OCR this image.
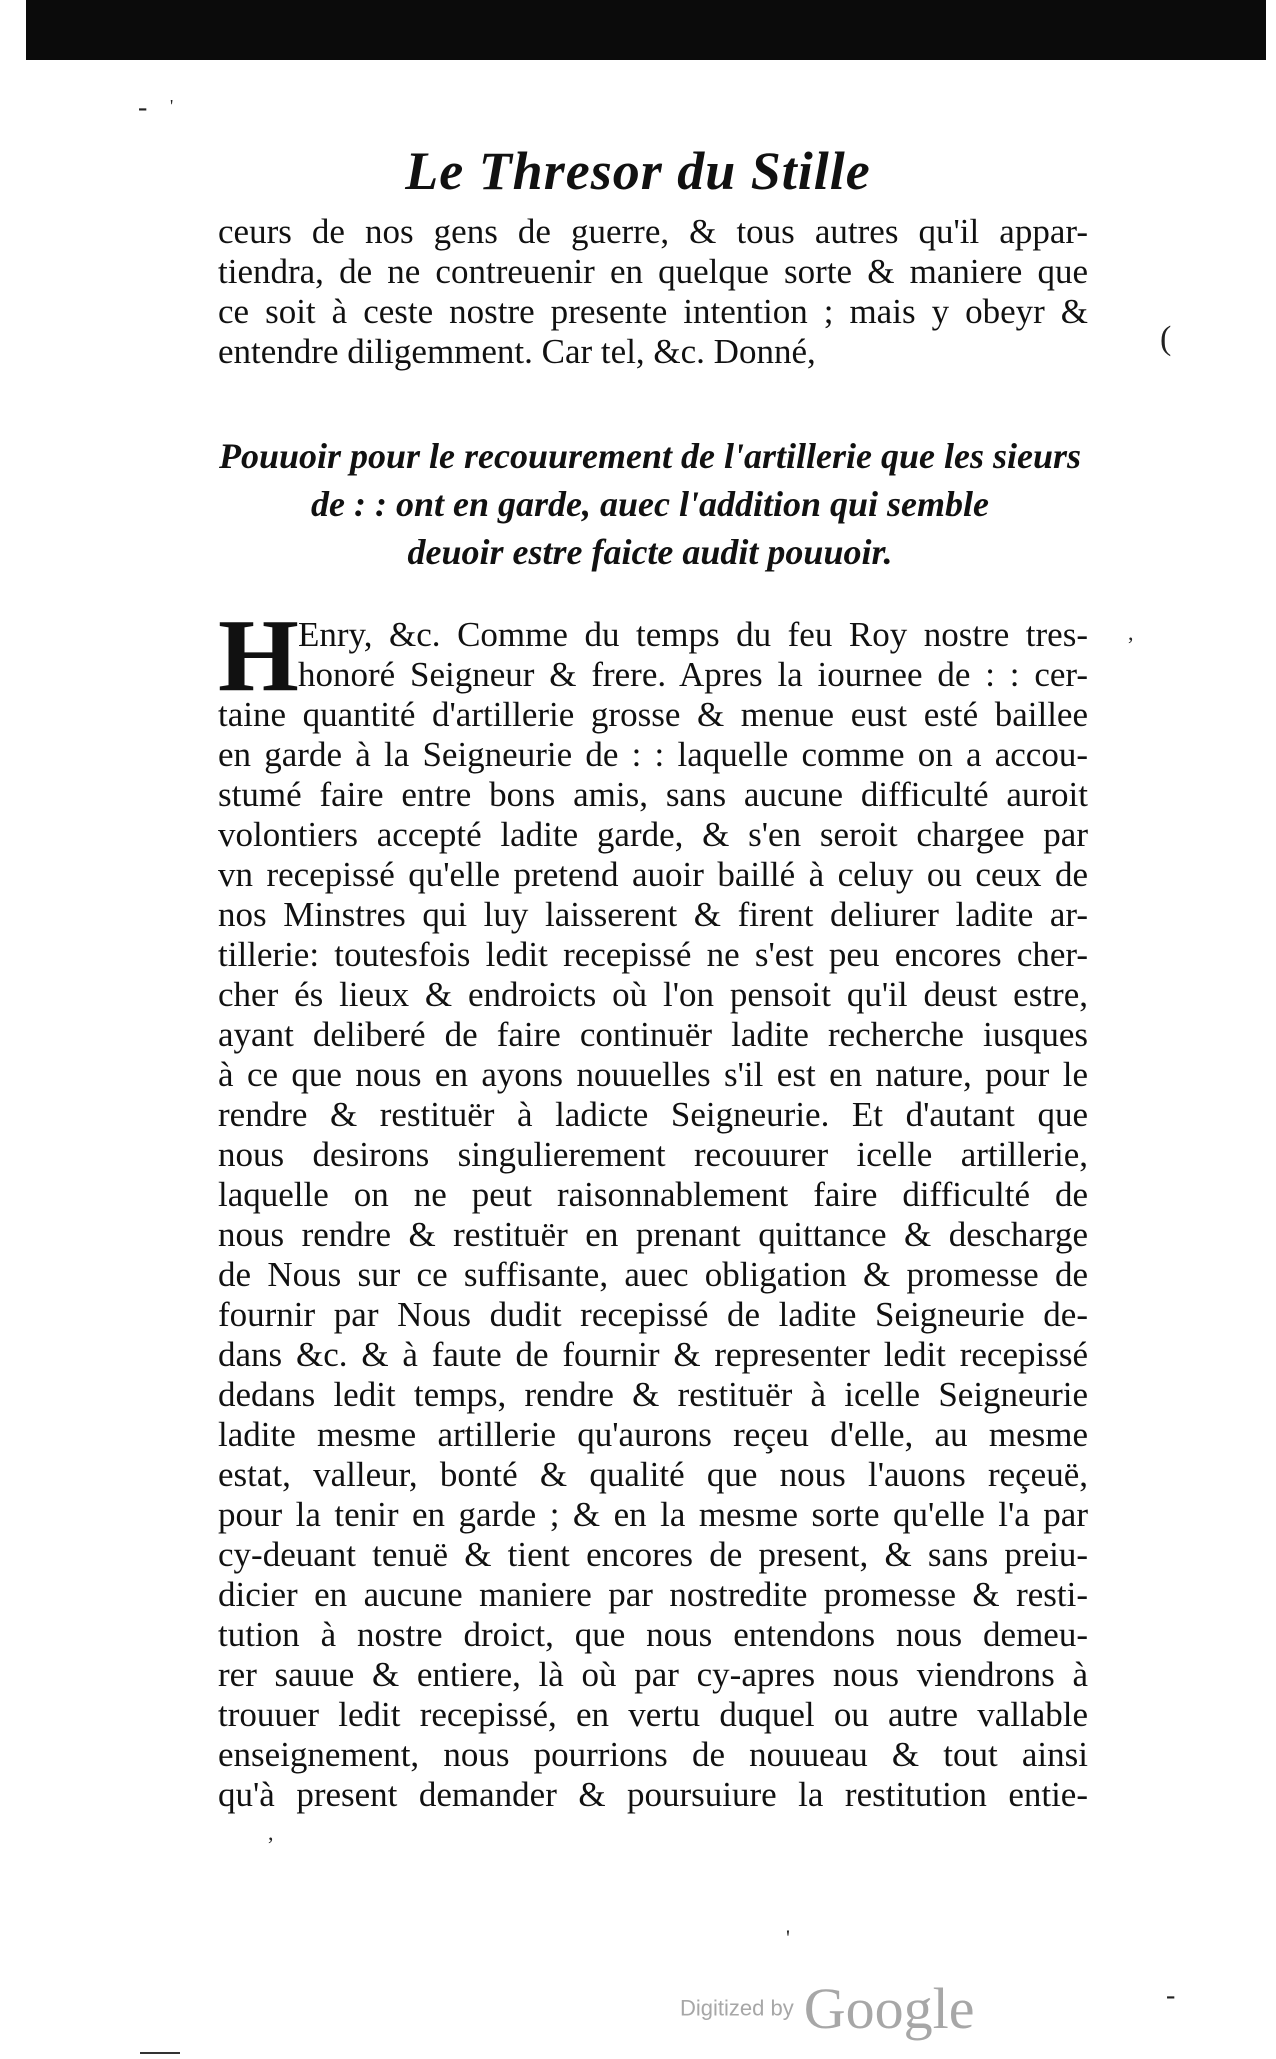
- '
(
,
,
'
-
Le Thresor du Stille
ceurs de nos gens de guerre, & tous autres qu'il appar-
tiendra, de ne contreuenir en quelque sorte & maniere que
ce soit à ceste nostre presente intention ; mais y obeyr &
entendre diligemment. Car tel, &c. Donné,
Pouuoir pour le recouurement de l'artillerie que les sieurs
de : : ont en garde, auec l'addition qui semble
deuoir estre faicte audit pouuoir.
H Enry, &c. Comme du temps du feu Roy nostre tres-
honoré Seigneur & frere. Apres la iournee de : : cer-
taine quantité d'artillerie grosse & menue eust esté baillee
en garde à la Seigneurie de : : laquelle comme on a accou-
stumé faire entre bons amis, sans aucune difficulté auroit
volontiers accepté ladite garde, & s'en seroit chargee par
vn recepissé qu'elle pretend auoir baillé à celuy ou ceux de
nos Minstres qui luy laisserent & firent deliurer ladite ar-
tillerie: toutesfois ledit recepissé ne s'est peu encores cher-
cher és lieux & endroicts où l'on pensoit qu'il deust estre,
ayant deliberé de faire continuër ladite recherche iusques
à ce que nous en ayons nouuelles s'il est en nature, pour le
rendre & restituër à ladicte Seigneurie. Et d'autant que
nous desirons singulierement recouurer icelle artillerie,
laquelle on ne peut raisonnablement faire difficulté de
nous rendre & restituër en prenant quittance & descharge
de Nous sur ce suffisante, auec obligation & promesse de
fournir par Nous dudit recepissé de ladite Seigneurie de-
dans &c. & à faute de fournir & representer ledit recepissé
dedans ledit temps, rendre & restituër à icelle Seigneurie
ladite mesme artillerie qu'aurons reçeu d'elle, au mesme
estat, valleur, bonté & qualité que nous l'auons reçeuë,
pour la tenir en garde ; & en la mesme sorte qu'elle l'a par
cy-deuant tenuë & tient encores de present, & sans preiu-
dicier en aucune maniere par nostredite promesse & resti-
tution à nostre droict, que nous entendons nous demeu-
rer sauue & entiere, là où par cy-apres nous viendrons à
trouuer ledit recepissé, en vertu duquel ou autre vallable
enseignement, nous pourrions de nouueau & tout ainsi
qu'à present demander & poursuiure la restitution entie-
Digitized by Google
